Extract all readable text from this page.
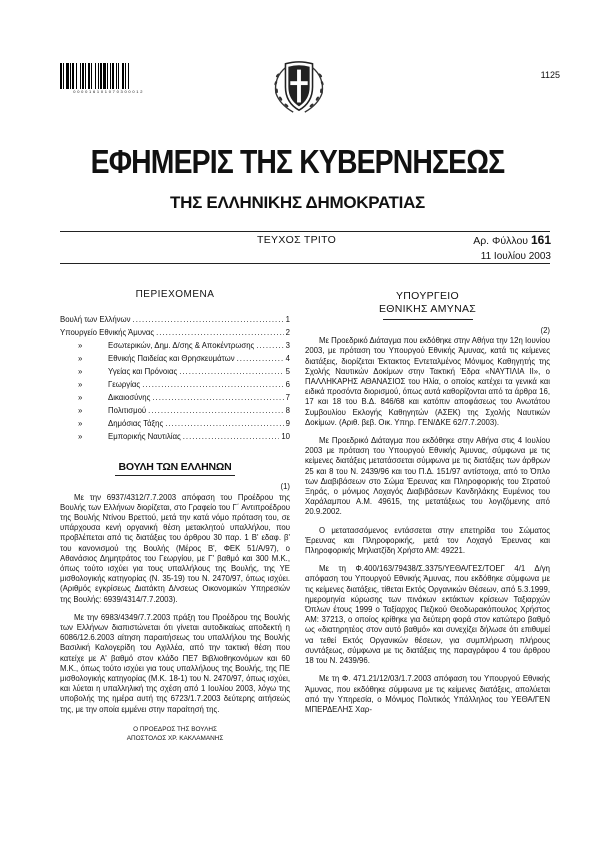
0 0 0 0 1 6 1 0 1 0 7 0 3 0 0 0 1 2
1125
ΕΦΗΜΕΡΙΣ ΤΗΣ ΚΥΒΕΡΝΗΣΕΩΣ
ΤΗΣ ΕΛΛΗΝΙΚΗΣ ΔΗΜΟΚΡΑΤΙΑΣ
ΤΕΥΧΟΣ ΤΡΙΤΟ	Αρ. Φύλλου 161
11 Ιουλίου 2003
ΠΕΡΙΕΧΟΜΕΝΑ
Βουλή των Ελλήνων .....	1
Υπουργείο Εθνικής Άμυνας .....	2
»	Εσωτερικών, Δημ. Δ/σης & Αποκέντρωσης .....	3
»	Εθνικής Παιδείας και Θρησκευμάτων .....	4
»	Υγείας και Πρόνοιας .....	5
»	Γεωργίας .....	6
»	Δικαιοσύνης .....	7
»	Πολιτισμού .....	8
»	Δημόσιας Τάξης .....	9
»	Εμπορικής Ναυτιλίας .....	10
ΒΟΥΛΗ ΤΩΝ ΕΛΛΗΝΩΝ
(1)

Με την 6937/4312/7.7.2003 απόφαση του Προέδρου της Βουλής των Ελλήνων διορίζεται, στο Γραφείο του Γ΄ Αντιπροέδρου της Βουλής Ντίνου Βρεττού, μετά την κατά νόμο πρόταση του, σε υπάρχουσα κενή οργανική θέση μετακλητού υπαλλήλου, που προβλέπεται από τις διατάξεις του άρθρου 30 παρ. 1 Β' εδαφ. β' του κανονισμού της Βουλής (Μέρος Β', ΦΕΚ 51/Α/97), ο Αθανάσιος Δημητράτος του Γεωργίου, με Γ' βαθμό και 300 Μ.Κ., όπως τούτο ισχύει για τους υπαλλήλους της Βουλής, της ΥΕ μισθολογικής κατηγορίας (Ν. 35-19) του Ν. 2470/97, όπως ισχύει. (Αριθμός εγκρίσεως Διατάκτη Δ/νσεως Οικονομικών Υπηρεσιών της Βουλής: 6939/4314/7.7.2003).

Με την 6983/4349/7.7.2003 πράξη του Προέδρου της Βουλής των Ελλήνων διαπιστώνεται ότι γίνεται αυτοδικαίως αποδεκτή η 6086/12.6.2003 αίτηση παραιτήσεως του υπαλλήλου της Βουλής Βασιλική Καλογερίδη του Αχιλλέα, από την τακτική θέση που κατείχε με Α' βαθμό στον κλάδο ΠΕ7 Βιβλιοθηκονόμων και 60 Μ.Κ., όπως τούτο ισχύει για τους υπαλλήλους της Βουλής, της ΠΕ μισθολογικής κατηγορίας (Μ.Κ. 18-1) του Ν. 2470/97, όπως ισχύει, και λύεται η υπαλληλική της σχέση από 1 Ιουλίου 2003, λόγω της υποβολής της ημέρα αυτή της 6723/1.7.2003 δεύτερης αιτήσεώς της, με την οποία εμμένει στην παραίτησή της.

Ο ΠΡΟΕΔΡΟΣ ΤΗΣ ΒΟΥΛΗΣ
ΑΠΟΣΤΟΛΟΣ ΧΡ. ΚΑΚΛΑΜΑΝΗΣ
ΥΠΟΥΡΓΕΙΟ
ΕΘΝΙΚΗΣ ΑΜΥΝΑΣ
(2)

Με Προεδρικό Διάταγμα που εκδόθηκε στην Αθήνα την 12η Ιουνίου 2003, με πρόταση του Υπουργού Εθνικής Άμυνας, κατά τις κείμενες διατάξεις, διορίζεται Έκτακτος Εντεταλμένος Μόνιμος Καθηγητής της Σχολής Ναυτικών Δοκίμων στην Τακτική Έδρα «ΝΑΥΤΙΛΙΑ II», ο ΠΑΛΛΗΚΑΡΗΣ ΑΘΑΝΑΣΙΟΣ του Ηλία, ο οποίος κατέχει τα γενικά και ειδικά προσόντα διορισμού, όπως αυτά καθορίζονται από τα άρθρα 16, 17 και 18 του Β.Δ. 846/68 και κατόπιν αποφάσεως του Ανωτάτου Συμβουλίου Εκλογής Καθηγητών (ΑΣΕΚ) της Σχολής Ναυτικών Δοκίμων. (Αριθ. βεβ. Οικ. Υπηρ. ΓΕΝ/ΔΚΕ 62/7.7.2003).

Με Προεδρικό Διάταγμα που εκδόθηκε στην Αθήνα στις 4 Ιουλίου 2003 με πρόταση του Υπουργού Εθνικής Άμυνας, σύμφωνα με τις κείμενες διατάξεις μετατάσσεται σύμφωνα με τις διατάξεις των άρθρων 25 και 8 του Ν. 2439/96 και του Π.Δ. 151/97 αντίστοιχα, από το Όπλο των Διαβιβάσεων στο Σώμα Έρευνας και Πληροφορικής του Στρατού Ξηράς, ο μόνιμος Λοχαγός Διαβιβάσεων Κανδηλάκης Ευμένιος του Χαράλαμπου Α.Μ. 49615, της μετατάξεως του λογιζόμενης από 20.9.2002.

Ο μετατασσόμενος εντάσσεται στην επετηρίδα του Σώματος Έρευνας και Πληροφορικής, μετά τον Λοχαγό Έρευνας και Πληροφορικής Μηλιατζίδη Χρήστο ΑΜ: 49221.

Με τη Φ.400/163/79438/Σ.3375/ΥΕΘΑ/ΓΕΣ/ΤΟΕΓ 4/1 Δ/γη απόφαση του Υπουργού Εθνικής Άμυνας, που εκδόθηκε σύμφωνα με τις κείμενες διατάξεις, τίθεται Εκτός Οργανικών Θέσεων, από 5.3.1999, ημερομηνία κύρωσης των πινάκων εκτάκτων κρίσεων Ταξιαρχών Όπλων έτους 1999 ο Ταξίαρχος Πεζικού Θεοδωρακόπουλος Χρήστος ΑΜ: 37213, ο οποίος κρίθηκε για δεύτερη φορά στον κατώτερο βαθμό ως «διατηρητέος στον αυτό βαθμό» και συνεχίζει δήλωσε ότι επιθυμεί να τεθεί Εκτός Οργανικών θέσεων, για συμπλήρωση πλήρους συντάξεως, σύμφωνα με τις διατάξεις της παραγράφου 4 του άρθρου 18 του Ν. 2439/96.

Με τη Φ. 471.21/12/03/1.7.2003 απόφαση του Υπουργού Εθνικής Άμυνας, που εκδόθηκε σύμφωνα με τις κείμενες διατάξεις, απολύεται από την Υπηρεσία, ο Μόνιμος Πολιτικός Υπάλληλος του ΥΕΘΑ/ΓΕΝ ΜΠΕΡΔΕΛΗΣ Χαρ-
